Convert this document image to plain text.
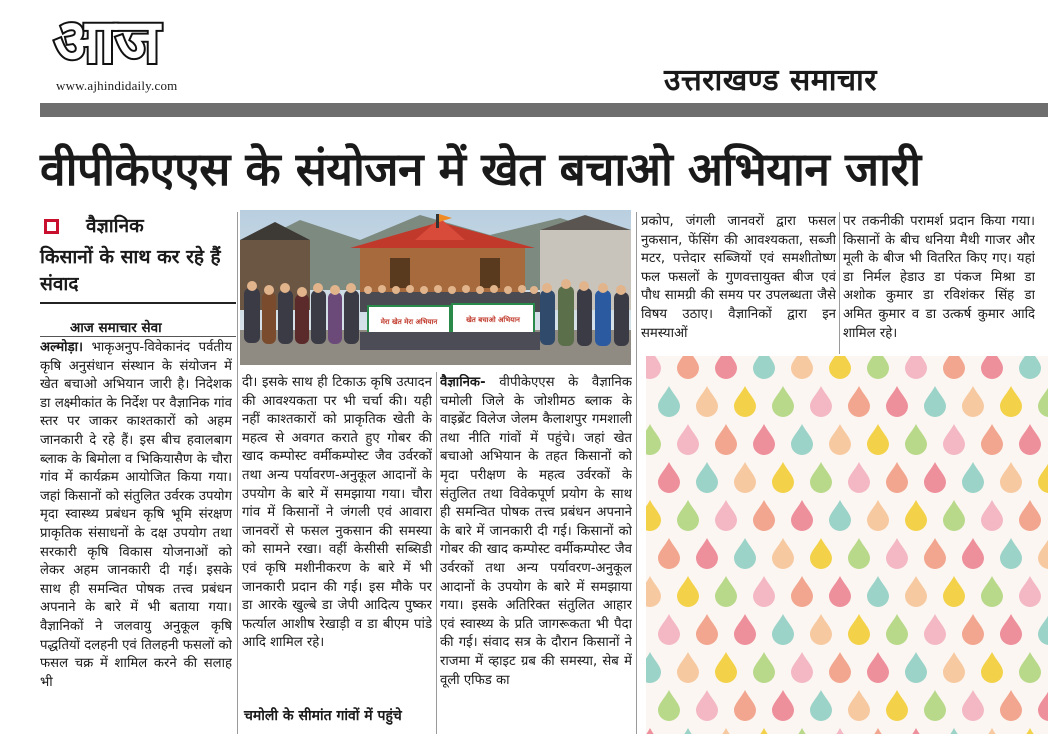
आज
www.ajhindidaily.com	उत्तराखण्ड समाचार
वीपीकेएएस के संयोजन में खेत बचाओ अभियान जारी
वैज्ञानिक
किसानों के साथ कर रहे हैं संवाद
आज समाचार सेवा
अल्मोड़ा। भाकृअनुप-विवेकानंद पर्वतीय कृषि अनुसंधान संस्थान के संयोजन में खेत बचाओ अभियान जारी है। निदेशक डा लक्ष्मीकांत के निर्देश पर वैज्ञानिक गांव स्तर पर जाकर काश्तकारों को अहम जानकारी दे रहे हैं। इस बीच हवालबाग ब्लाक के बिमोला व भिकियासैण के चौरा गांव में कार्यक्रम आयोजित किया गया। जहां किसानों को संतुलित उर्वरक उपयोग मृदा स्वास्थ्य प्रबंधन कृषि भूमि संरक्षण प्राकृतिक संसाधनों के दक्ष उपयोग तथा सरकारी कृषि विकास योजनाओं को लेकर अहम जानकारी दी गई। इसके साथ ही समन्वित पोषक तत्त्व प्रबंधन अपनाने के बारे में भी बताया गया। वैज्ञानिकों ने जलवायु अनुकूल कृषि पद्धतियों दलहनी एवं तिलहनी फसलों को फसल चक्र में शामिल करने की सलाह भी
दी। इसके साथ ही टिकाऊ कृषि उत्पादन की आवश्यकता पर भी चर्चा की। यही नहीं काश्तकारों को प्राकृतिक खेती के महत्व से अवगत कराते हुए गोबर की खाद कम्पोस्ट वर्मीकम्पोस्ट जैव उर्वरकों तथा अन्य पर्यावरण-अनुकूल आदानों के उपयोग के बारे में समझाया गया। चौरा गांव में किसानों ने जंगली एवं आवारा जानवरों से फसल नुकसान की समस्या को सामने रखा। वहीं केसीसी सब्सिडी एवं कृषि मशीनीकरण के बारे में भी जानकारी प्रदान की गई। इस मौके पर डा आरके खुल्बे डा जेपी आदित्य पुष्कर फर्त्याल आशीष रेखाड़ी व डा बीएम पांडे आदि शामिल रहे।
चमोली के सीमांत गांवों में पहुंचे
वैज्ञानिक- वीपीकेएएस के वैज्ञानिक चमोली जिले के जोशीमठ ब्लाक के वाइब्रेंट विलेज जेलम कैलाशपुर गमशाली तथा नीति गांवों में पहुंचे। जहां खेत बचाओ अभियान के तहत किसानों को मृदा परीक्षण के महत्व उर्वरकों के संतुलित तथा विवेकपूर्ण प्रयोग के साथ ही समन्वित पोषक तत्त्व प्रबंधन अपनाने के बारे में जानकारी दी गई। किसानों को गोबर की खाद कम्पोस्ट वर्मीकम्पोस्ट जैव उर्वरकों तथा अन्य पर्यावरण-अनुकूल आदानों के उपयोग के बारे में समझाया गया। इसके अतिरिक्त संतुलित आहार एवं स्वास्थ्य के प्रति जागरूकता भी पैदा की गई। संवाद सत्र के दौरान किसानों ने राजमा में व्हाइट ग्रब की समस्या, सेब में वूली एफिड का
प्रकोप, जंगली जानवरों द्वारा फसल नुकसान, फेंसिंग की आवश्यकता, सब्जी मटर, पत्तेदार सब्जियों एवं समशीतोष्ण फल फसलों के गुणवत्तायुक्त बीज एवं पौध सामग्री की समय पर उपलब्धता जैसे विषय उठाए। वैज्ञानिकों द्वारा इन समस्याओं
पर तकनीकी परामर्श प्रदान किया गया। किसानों के बीच धनिया मैथी गाजर और मूली के बीज भी वितरित किए गए। यहां डा निर्मल हेडाउ डा पंकज मिश्रा डा अशोक कुमार डा रविशंकर सिंह डा अमित कुमार व डा उत्कर्ष कुमार आदि शामिल रहे।
मेरा खेत मेरा अभियान	खेत बचाओ अभियान
